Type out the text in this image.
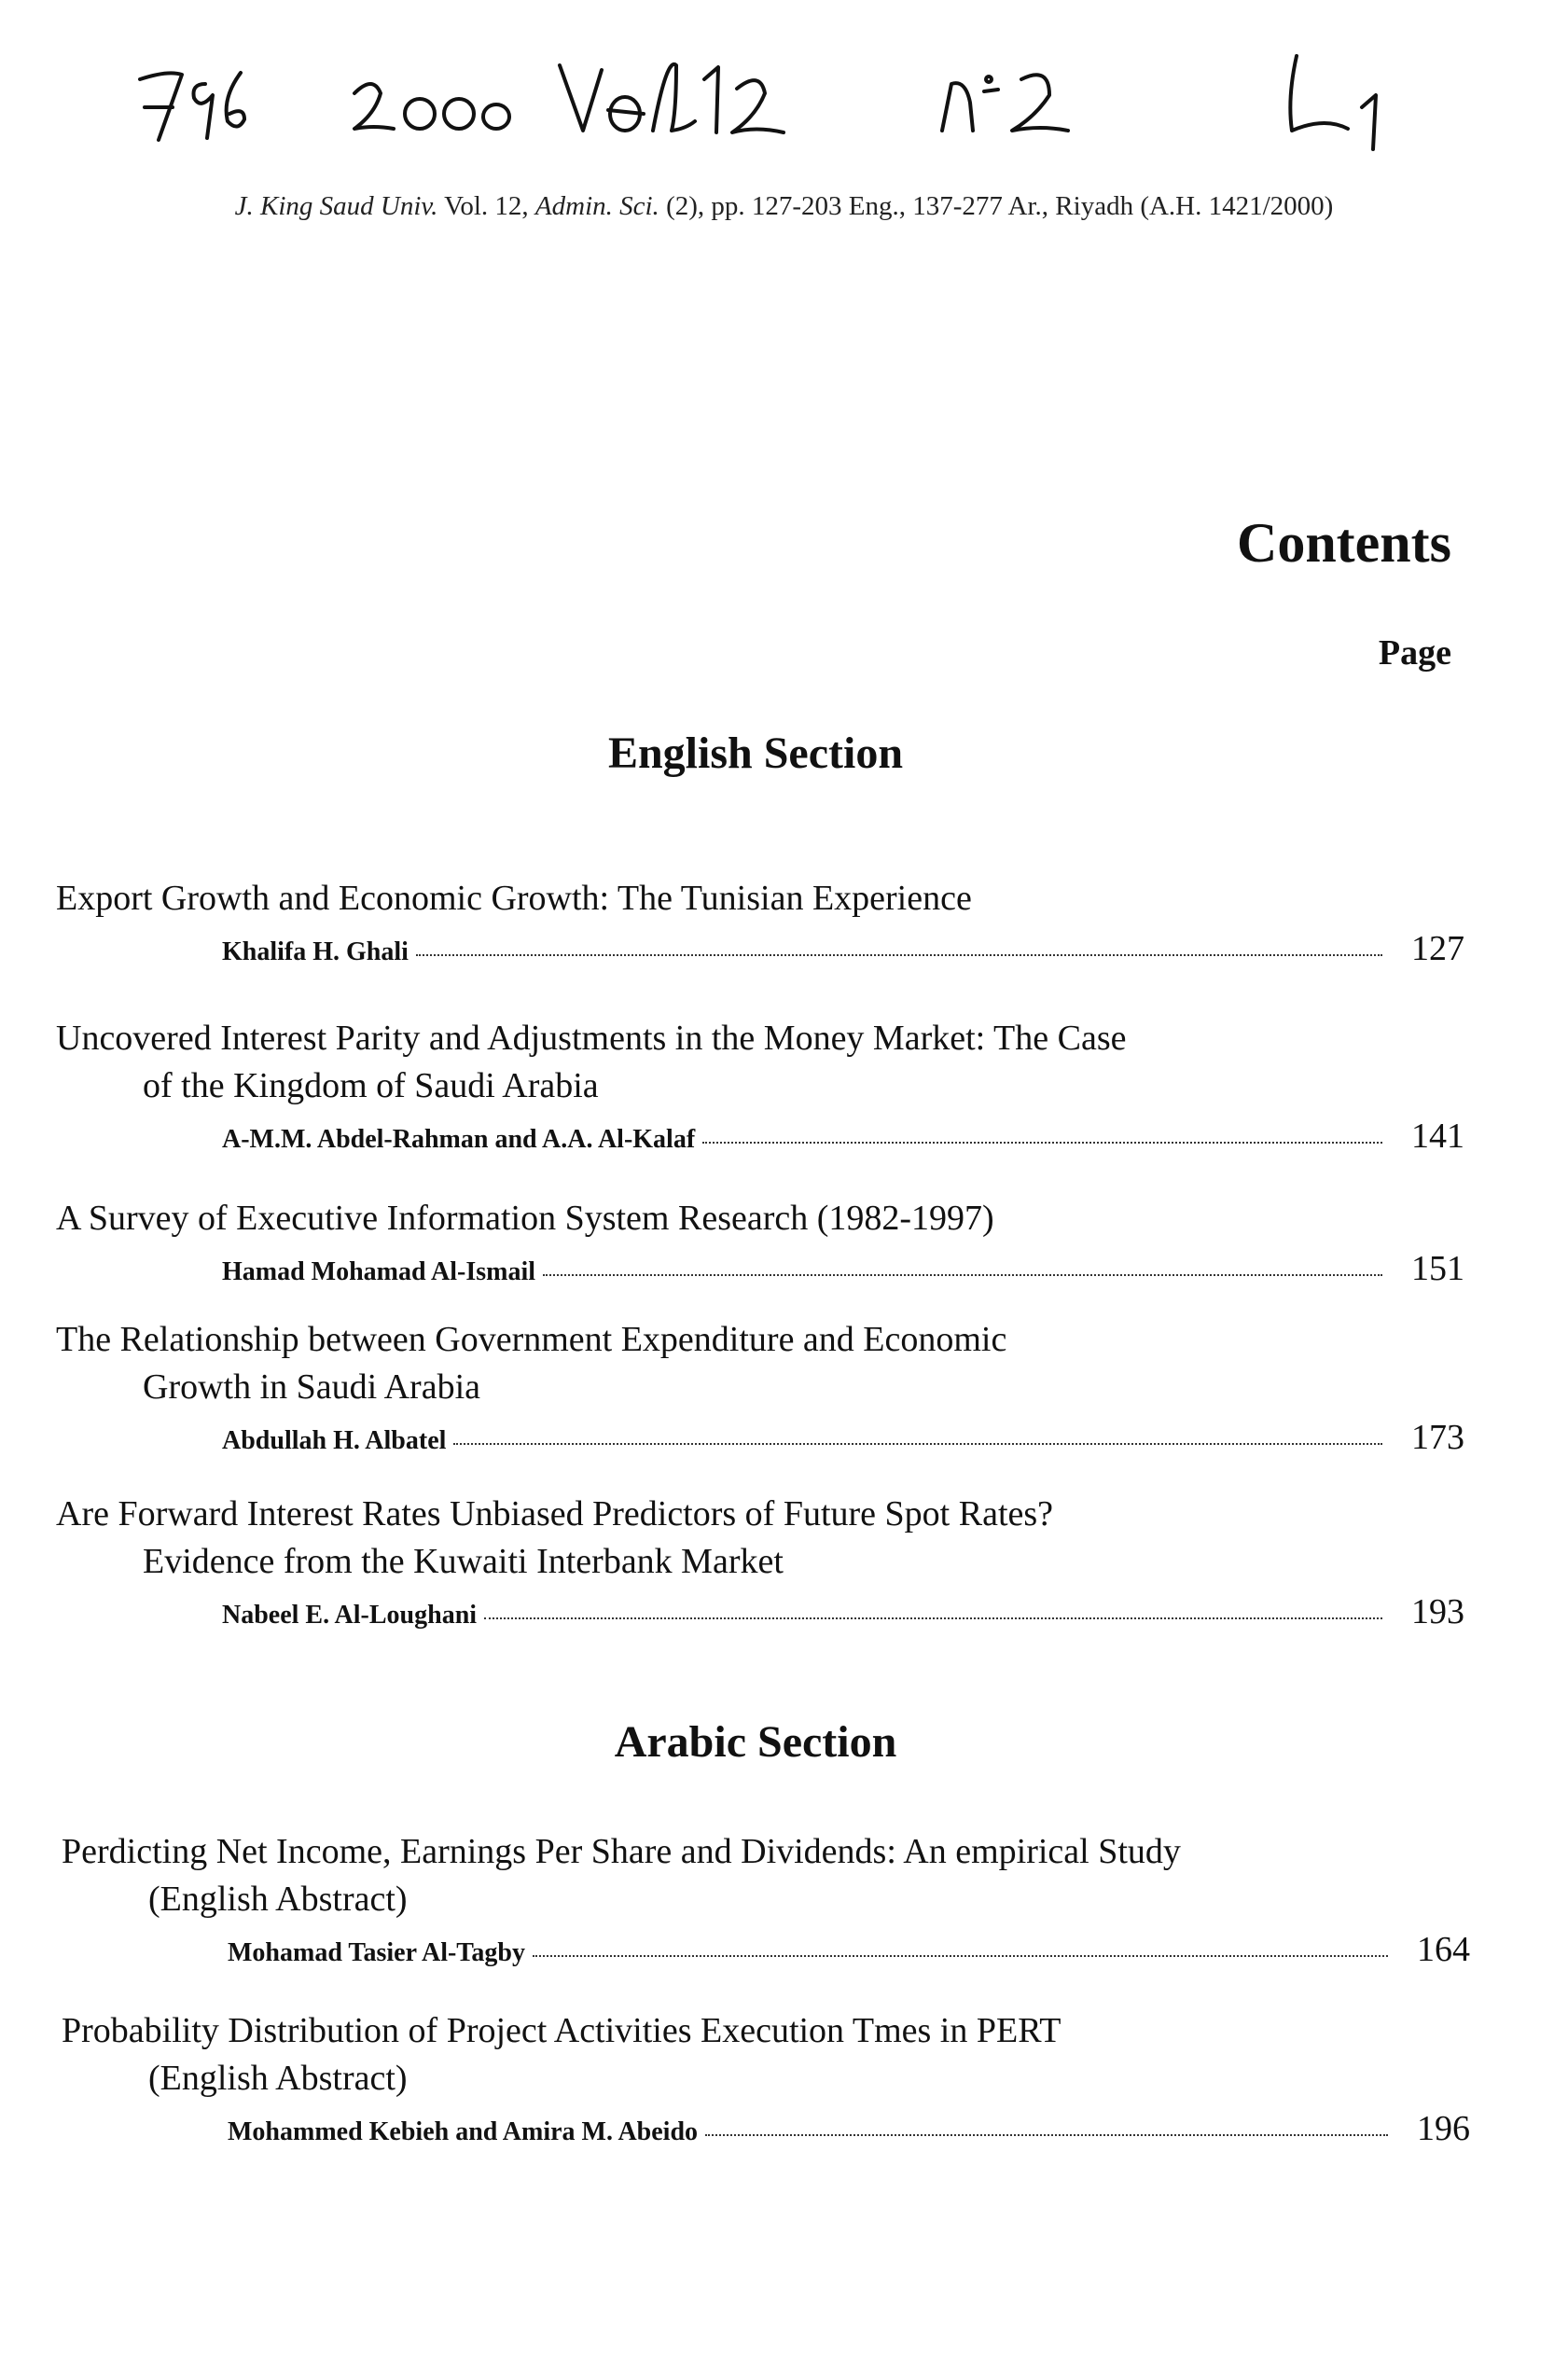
J. King Saud Univ. Vol. 12, Admin. Sci. (2), pp. 127-203 Eng., 137-277 Ar., Riyadh (A.H. 1421/2000)
Contents
Page
English Section

Export Growth and Economic Growth: The Tunisian Experience

Khalifa H. Ghali	127

Uncovered Interest Parity and Adjustments in the Money Market: The Case
of the Kingdom of Saudi Arabia

A-M.M. Abdel-Rahman and A.A. Al-Kalaf	141

A Survey of Executive Information System Research (1982-1997)

Hamad Mohamad Al-Ismail	151

The Relationship between Government Expenditure and Economic
Growth in Saudi Arabia

Abdullah H. Albatel	173

Are Forward Interest Rates Unbiased Predictors of Future Spot Rates?
Evidence from the Kuwaiti Interbank Market

Nabeel E. Al-Loughani	193
Arabic Section

Perdicting Net Income, Earnings Per Share and Dividends: An empirical Study
(English Abstract)

Mohamad Tasier Al-Tagby	164

Probability Distribution of Project Activities Execution Tmes in PERT
(English Abstract)

Mohammed Kebieh and Amira M. Abeido	196
